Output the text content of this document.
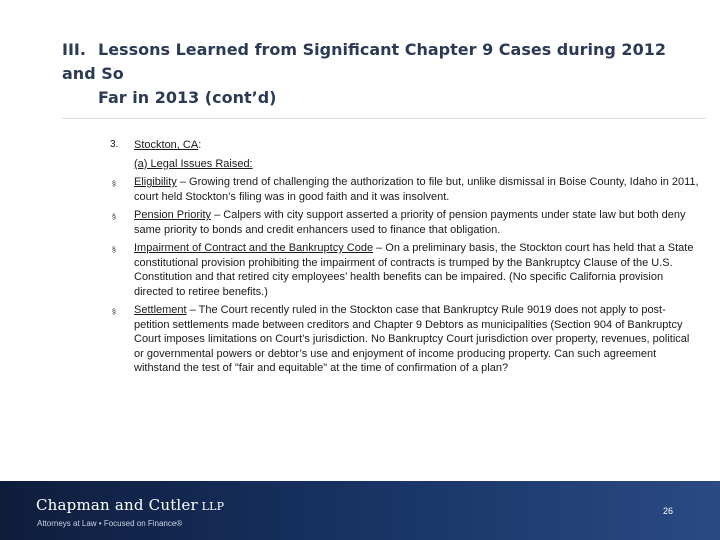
III. Lessons Learned from Significant Chapter 9 Cases during 2012 and So
Far in 2013 (cont’d)
3.	Stockton, CA:
(a) Legal Issues Raised:
§	Eligibility – Growing trend of challenging the authorization to file but, unlike dismissal in Boise County, Idaho in 2011, court held Stockton’s filing was in good faith and it was insolvent.
§	Pension Priority – Calpers with city support asserted a priority of pension payments under state law but both deny same priority to bonds and credit enhancers used to finance that obligation.
§	Impairment of Contract and the Bankruptcy Code – On a preliminary basis, the Stockton court has held that a State constitutional provision prohibiting the impairment of contracts is trumped by the Bankruptcy Clause of the U.S. Constitution and that retired city employees’ health benefits can be impaired. (No specific California provision directed to retiree benefits.)
§	Settlement – The Court recently ruled in the Stockton case that Bankruptcy Rule 9019 does not apply to post-petition settlements made between creditors and Chapter 9 Debtors as municipalities (Section 904 of Bankruptcy Court imposes limitations on Court’s jurisdiction. No Bankruptcy Court jurisdiction over property, revenues, political or governmental powers or debtor’s use and enjoyment of income producing property. Can such agreement withstand the test of "fair and equitable" at the time of confirmation of a plan?
Chapman and Cutler LLP
Attorneys at Law • Focused on Finance®
26
